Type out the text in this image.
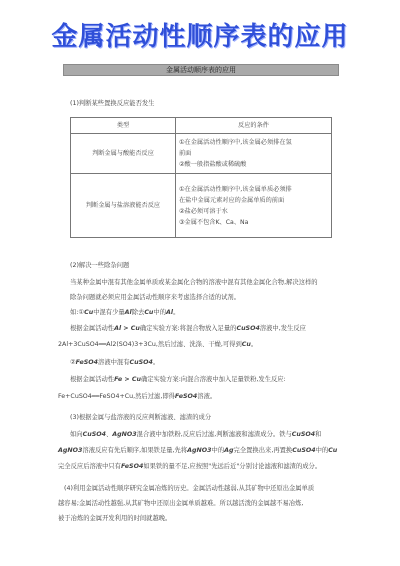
金属活动性顺序表的应用
金属活动顺序表的应用
(1)判断某些置换反应能否发生
类型	反应的条件
判断金属与酸能否反应	①在金属活动性顺序中,该金属必须排在氢
前面
②酸一般指盐酸或稀硫酸

判断金属与盐溶液能否反应	①在金属活动性顺序中,该金属单质必须排
在盐中金属元素对应的金属单质的前面
②盐必须可溶于水
③金属不包含K、Ca、Na
(2)解决一些除杂问题
当某种金属中混有其他金属单质或某金属化合物的溶液中混有其他金属化合物,解决这样的
除杂问题就必须应用金属活动性顺序来考虑选择合适的试剂。
如:①Cu中混有少量Al除去Cu中的Al。
根据金属活动性Al > Cu确定实验方案:将混合物放入足量的CuSO4溶液中,发生反应
2Al+3CuSO4══Al2(SO4)3+3Cu,然后过滤、洗涤、干燥,可得到Cu。
②FeSO4溶液中混有CuSO4。
根据金属活动性Fe > Cu确定实验方案:向混合溶液中加入足量铁粉,发生反应:
Fe+CuSO4══FeSO4+Cu,然后过滤,即得FeSO4溶液。
(3)根据金属与盐溶液的反应判断滤液、滤渣的成分
如向CuSO4、AgNO3混合液中加铁粉,反应后过滤,判断滤液和滤渣成分。铁与CuSO4和
AgNO3溶液反应有先后顺序,如果铁足量,先将AgNO3中的Ag完全置换出来,再置换CuSO4中的Cu
完全反应后溶液中只有FeSO4如果铁的量不足,应按照"先远后近"分别讨论滤液和滤渣的成分。
(4)利用金属活动性顺序研究金属冶炼的历史。金属活动性越弱,从其矿物中还原出金属单质
越容易;金属活动性越强,从其矿物中还原出金属单质越难。所以越活泼的金属越不易冶炼,
被于冶炼的金属开发利用的时间就越晚。
